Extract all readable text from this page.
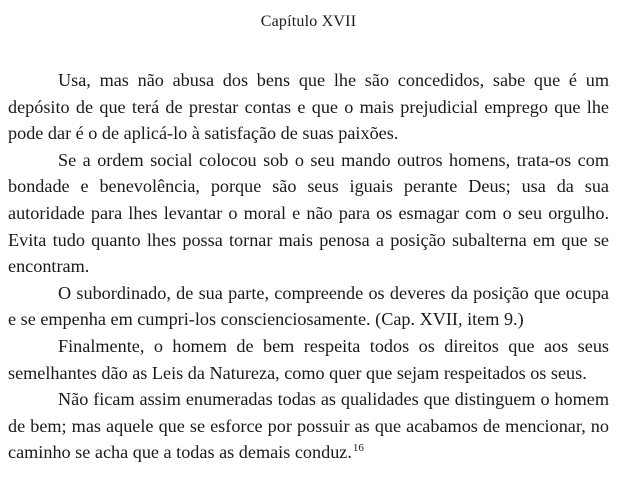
Capítulo XVII

Usa, mas não abusa dos bens que lhe são concedidos, sabe que é um depósito de que terá de prestar contas e que o mais prejudicial emprego que lhe pode dar é o de aplicá-lo à satisfação de suas paixões.

Se a ordem social colocou sob o seu mando outros homens, trata-os com bondade e benevolência, porque são seus iguais perante Deus; usa da sua autoridade para lhes levantar o moral e não para os esmagar com o seu orgulho. Evita tudo quanto lhes possa tornar mais penosa a posição subalterna em que se encontram.

O subordinado, de sua parte, compreende os deveres da posição que ocupa e se empenha em cumpri-los conscienciosamente. (Cap. XVII, item 9.)

Finalmente, o homem de bem respeita todos os direitos que aos seus semelhantes dão as Leis da Natureza, como quer que sejam respeitados os seus.

Não ficam assim enumeradas todas as qualidades que distinguem o homem de bem; mas aquele que se esforce por possuir as que acabamos de mencionar, no caminho se acha que a todas as demais conduz.$^{16}$
